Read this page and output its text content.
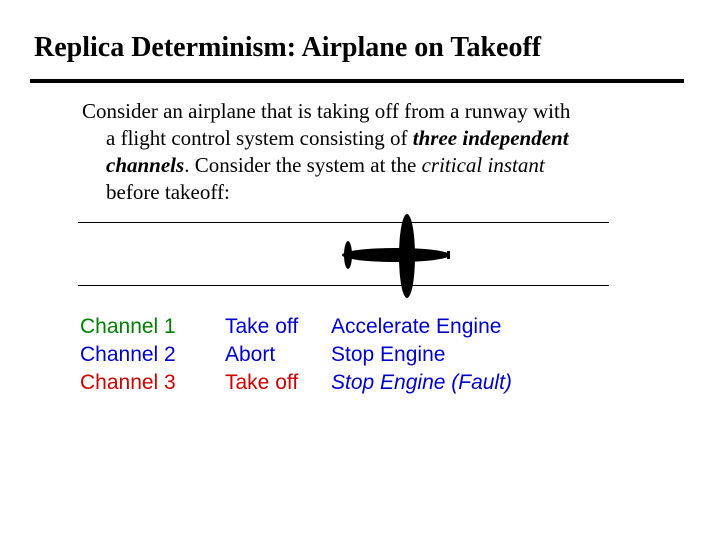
Replica Determinism: Airplane on Takeoff
Consider an airplane that is taking off from a runway with
a flight control system consisting of three independent
channels. Consider the system at the critical instant
before takeoff:
Channel 1	Take off	Accelerate Engine
Channel 2	Abort	Stop Engine
Channel 3	Take off	Stop Engine (Fault)
